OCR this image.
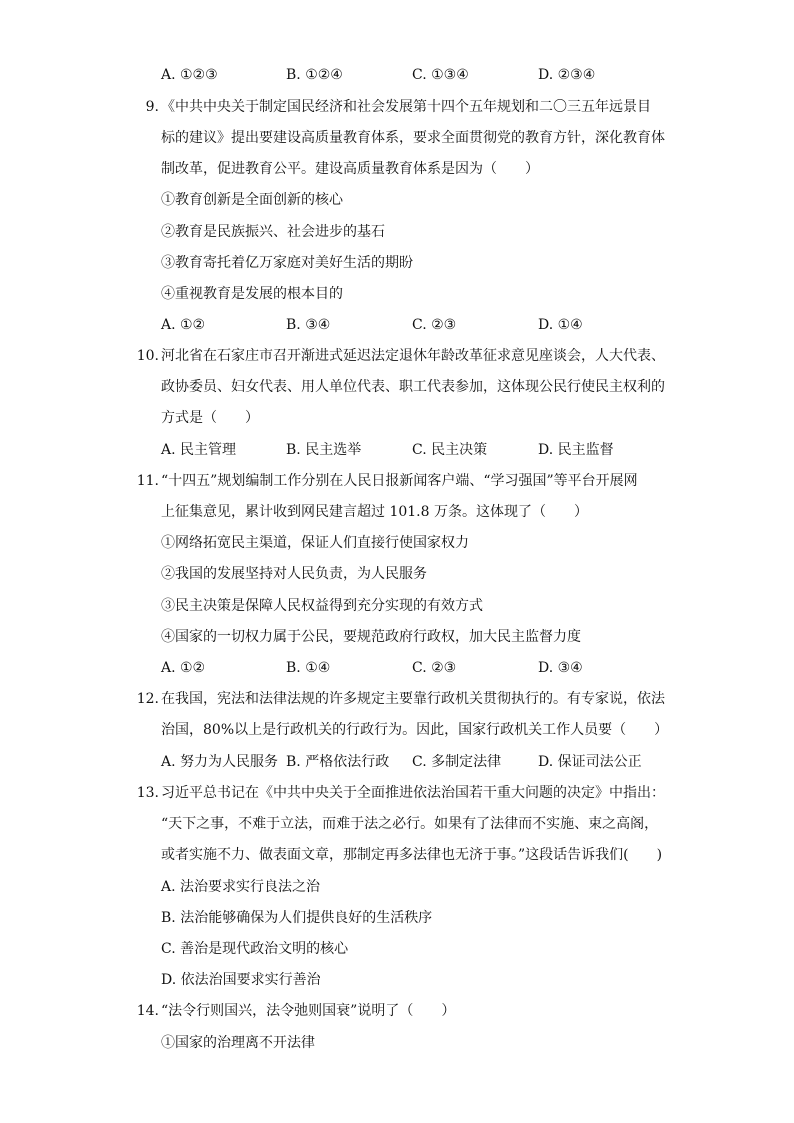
A. ①②③	B. ①②④	C. ①③④	D. ②③④
9. 《中共中央关于制定国民经济和社会发展第十四个五年规划和二〇三五年远景目
标的建议》提出要建设高质量教育体系，要求全面贯彻党的教育方针，深化教育体
制改革，促进教育公平。建设高质量教育体系是因为（　　）
①教育创新是全面创新的核心
②教育是民族振兴、社会进步的基石
③教育寄托着亿万家庭对美好生活的期盼
④重视教育是发展的根本目的
A. ①②	B. ③④	C. ②③	D. ①④
10. 河北省在石家庄市召开渐进式延迟法定退休年龄改革征求意见座谈会，人大代表、
政协委员、妇女代表、用人单位代表、职工代表参加，这体现公民行使民主权利的
方式是（　　）
A. 民主管理	B. 民主选举	C. 民主决策	D. 民主监督
11. “十四五”规划编制工作分别在人民日报新闻客户端、“学习强国”等平台开展网
上征集意见，累计收到网民建言超过 101.8 万条。这体现了（　　）
①网络拓宽民主渠道，保证人们直接行使国家权力
②我国的发展坚持对人民负责，为人民服务
③民主决策是保障人民权益得到充分实现的有效方式
④国家的一切权力属于公民，要规范政府行政权，加大民主监督力度
A. ①②	B. ①④	C. ②③	D. ③④
12. 在我国，宪法和法律法规的许多规定主要靠行政机关贯彻执行的。有专家说，依法
治国，80%以上是行政机关的行政行为。因此，国家行政机关工作人员要（　　）
A. 努力为人民服务 B. 严格依法行政 C. 多制定法律	D. 保证司法公正
13. 习近平总书记在《中共中央关于全面推进依法治国若干重大问题的决定》中指出：
“天下之事，不难于立法，而难于法之必行。如果有了法律而不实施、束之高阁，
或者实施不力、做表面文章，那制定再多法律也无济于事。”这段话告诉我们(　　)
A. 法治要求实行良法之治
B. 法治能够确保为人们提供良好的生活秩序
C. 善治是现代政治文明的核心
D. 依法治国要求实行善治
14. “法令行则国兴，法令弛则国衰”说明了（　　）
①国家的治理离不开法律
